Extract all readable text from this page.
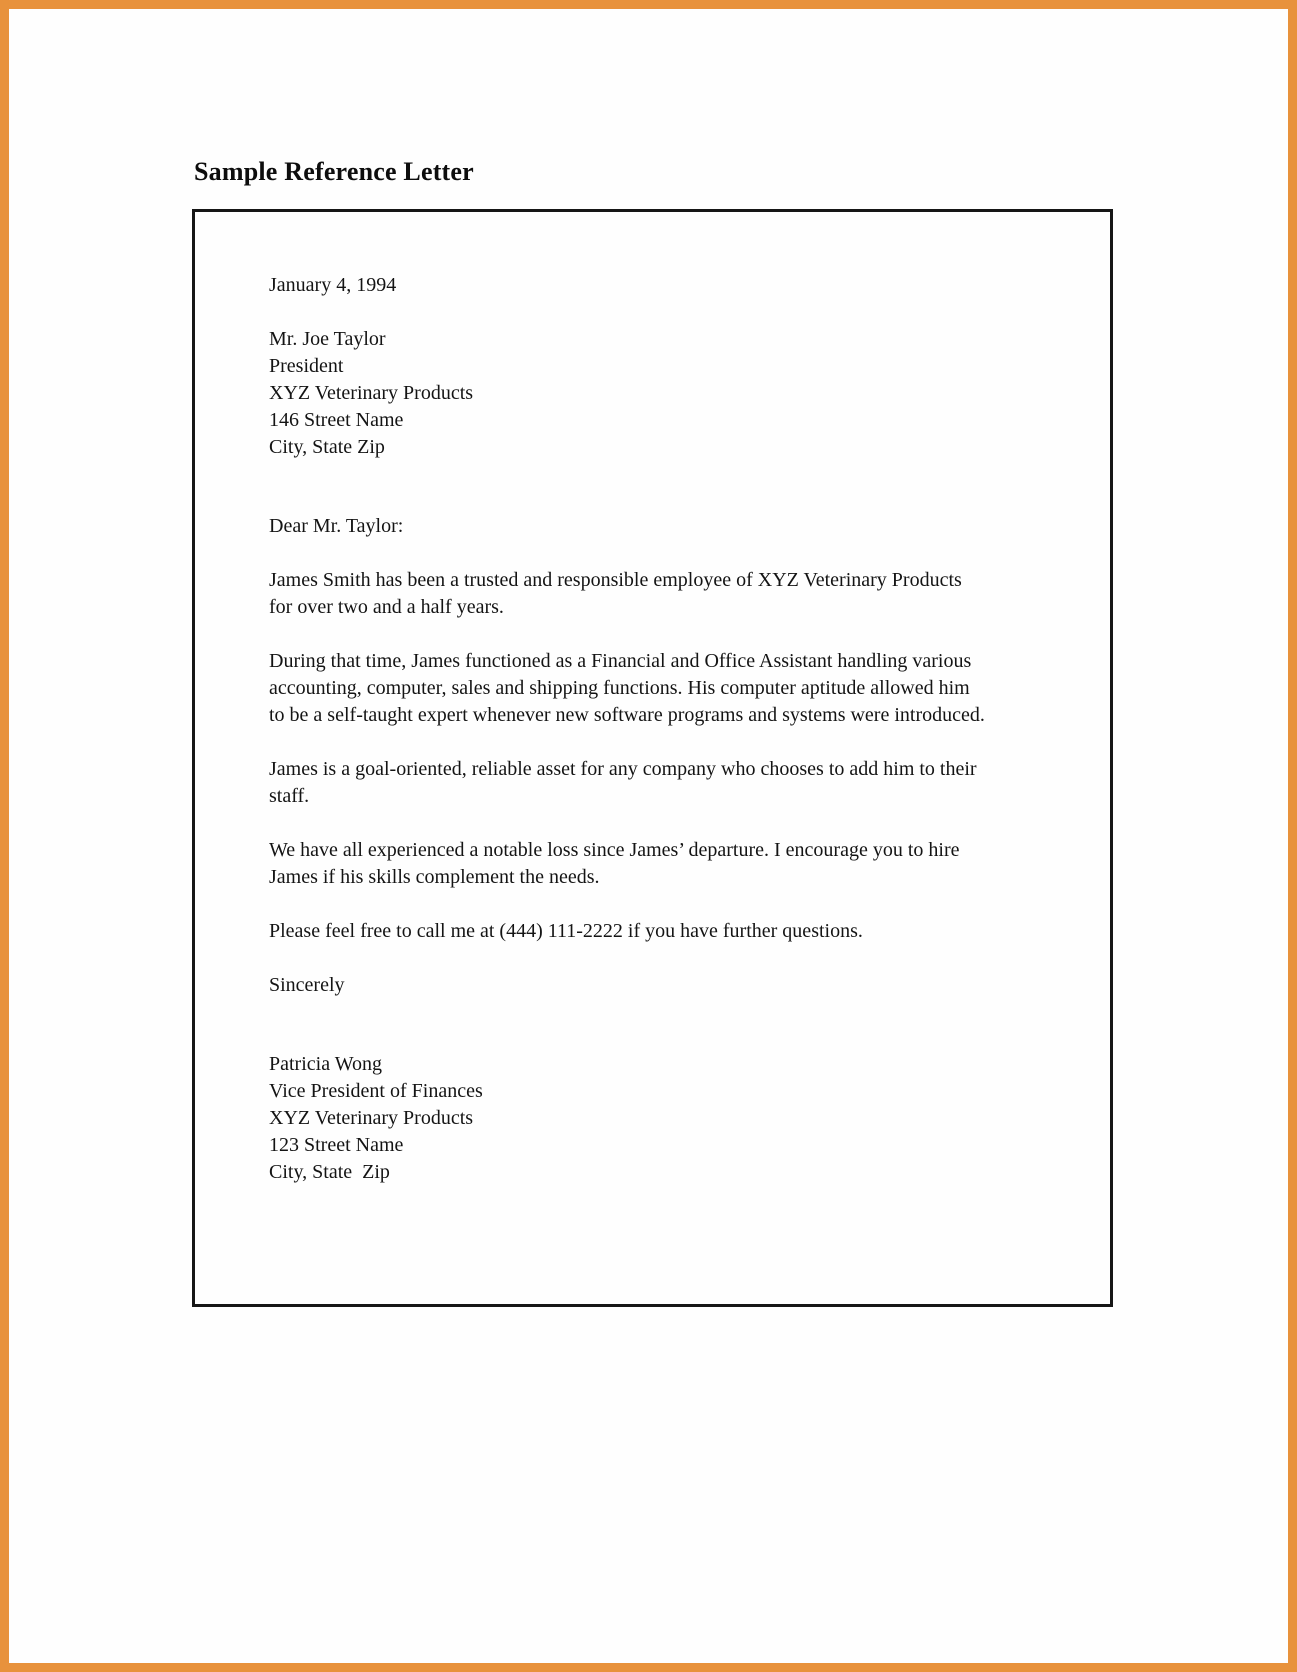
Sample Reference Letter

January 4, 1994

Mr. Joe Taylor

President

XYZ Veterinary Products

146 Street Name

City, State Zip

Dear Mr. Taylor:

James Smith has been a trusted and responsible employee of XYZ Veterinary Products for over two and a half years.

During that time, James functioned as a Financial and Office Assistant handling various accounting, computer, sales and shipping functions. His computer aptitude allowed him to be a self-taught expert whenever new software programs and systems were introduced.

James is a goal-oriented, reliable asset for any company who chooses to add him to their staff.

We have all experienced a notable loss since James’ departure. I encourage you to hire James if his skills complement the needs.

Please feel free to call me at (444) 111-2222 if you have further questions.

Sincerely

Patricia Wong

Vice President of Finances

XYZ Veterinary Products

123 Street Name

City, State  Zip
